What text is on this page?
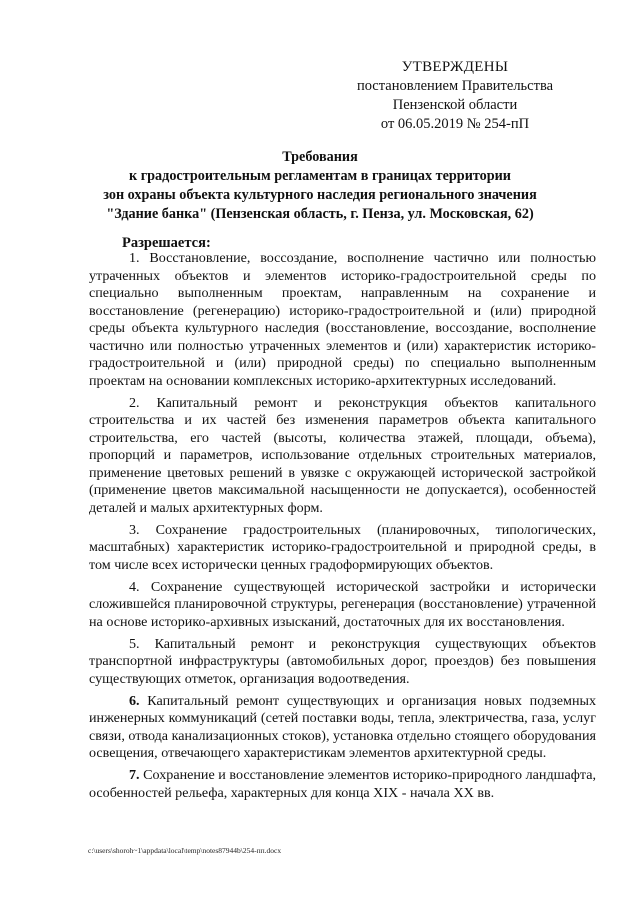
УТВЕРЖДЕНЫ
постановлением Правительства
Пензенской области
от 06.05.2019 № 254-пП
Требования
к градостроительным регламентам в границах территории
зон охраны объекта культурного наследия регионального значения
"Здание банка" (Пензенская область, г. Пенза, ул. Московская, 62)
Разрешается:

1. Восстановление, воссоздание, восполнение частично или полностью утраченных объектов и элементов историко-градостроительной среды по специально выполненным проектам, направленным на сохранение и восстановление (регенерацию) историко-градостроительной и (или) природной среды объекта культурного наследия (восстановление, воссоздание, восполнение частично или полностью утраченных элементов и (или) характеристик историко-градостроительной и (или) природной среды) по специально выполненным проектам на основании комплексных историко-архитектурных исследований.

2. Капитальный ремонт и реконструкция объектов капитального строительства и их частей без изменения параметров объекта капитального строительства, его частей (высоты, количества этажей, площади, объема), пропорций и параметров, использование отдельных строительных материалов, применение цветовых решений в увязке с окружающей исторической застройкой (применение цветов максимальной насыщенности не допускается), особенностей деталей и малых архитектурных форм.

3. Сохранение градостроительных (планировочных, типологических, масштабных) характеристик историко-градостроительной и природной среды, в том числе всех исторически ценных градоформирующих объектов.

4. Сохранение существующей исторической застройки и исторически сложившейся планировочной структуры, регенерация (восстановление) утраченной на основе историко-архивных изысканий, достаточных для их восстановления.

5. Капитальный ремонт и реконструкция существующих объектов транспортной инфраструктуры (автомобильных дорог, проездов) без повышения существующих отметок, организация водоотведения.

6. Капитальный ремонт существующих и организация новых подземных инженерных коммуникаций (сетей поставки воды, тепла, электричества, газа, услуг связи, отвода канализационных стоков), установка отдельно стоящего оборудования освещения, отвечающего характеристикам элементов архитектурной среды.

7. Сохранение и восстановление элементов историко-природного ландшафта, особенностей рельефа, характерных для конца XIX - начала XX вв.

c:\users\shoroh~1\appdata\local\temp\notes87944b\254-пп.docx
